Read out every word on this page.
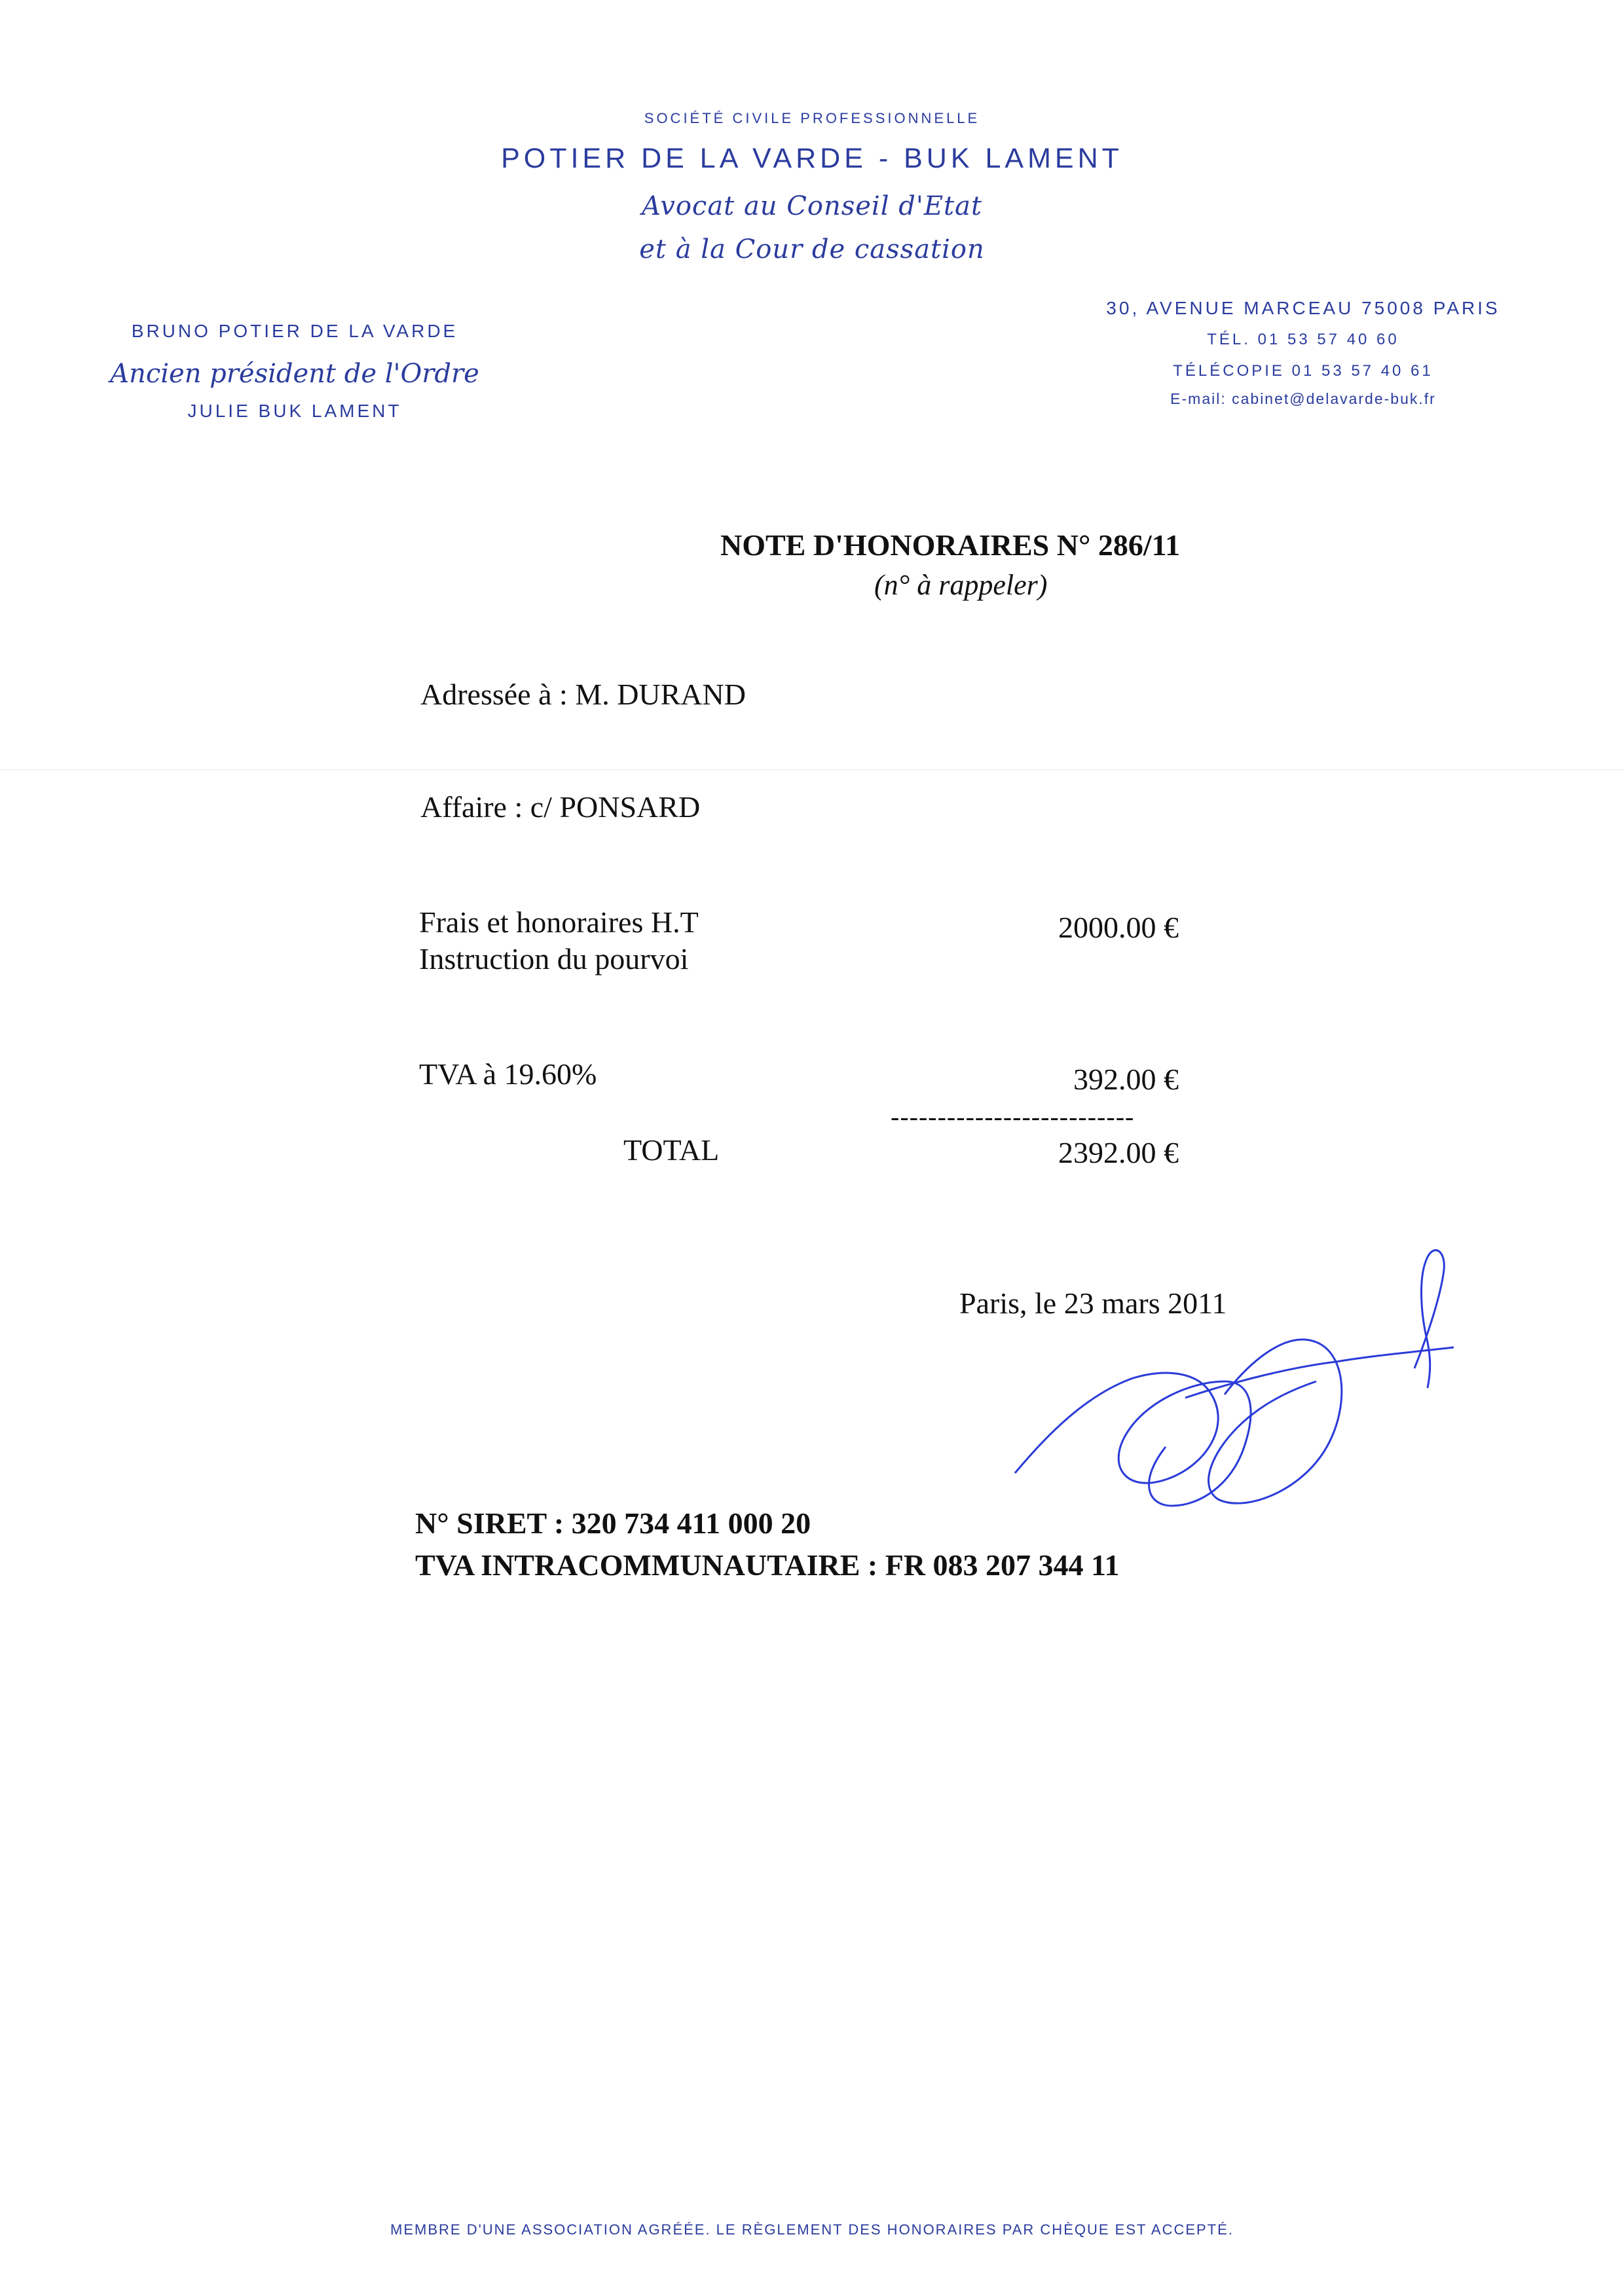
SOCIÉTÉ CIVILE PROFESSIONNELLE
POTIER DE LA VARDE - BUK LAMENT
Avocat au Conseil d'Etat
et à la Cour de cassation
BRUNO POTIER DE LA VARDE
Ancien président de l'Ordre
JULIE BUK LAMENT
30, AVENUE MARCEAU 75008 PARIS
TÉL. 01 53 57 40 60
TÉLÉCOPIE 01 53 57 40 61
E-mail: cabinet@delavarde-buk.fr
NOTE D'HONORAIRES N° 286/11
(n° à rappeler)
Adressée à : M. DURAND
Affaire : c/ PONSARD
Frais et honoraires H.T
Instruction du pourvoi
2000.00 €
TVA à 19.60%	392.00 €
--------------------------
TOTAL	2392.00 €
Paris, le 23 mars 2011
N° SIRET : 320 734 411 000 20
TVA INTRACOMMUNAUTAIRE : FR 083 207 344 11
MEMBRE D'UNE ASSOCIATION AGRÉÉE. LE RÈGLEMENT DES HONORAIRES PAR CHÈQUE EST ACCEPTÉ.
